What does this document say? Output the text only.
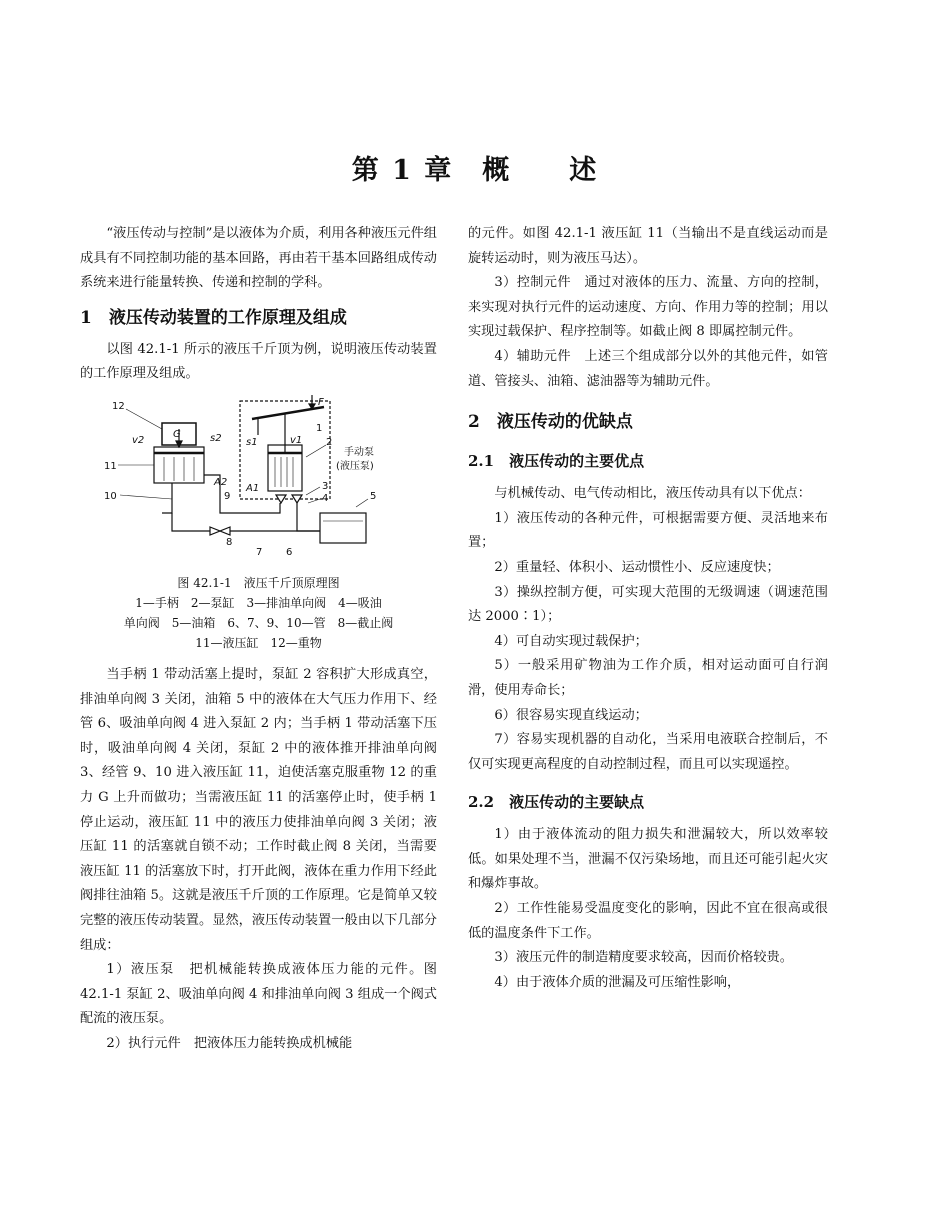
第 1 章　概　　述

“液压传动与控制”是以液体为介质，利用各种液压元件组成具有不同控制功能的基本回路，再由若干基本回路组成传动系统来进行能量转换、传递和控制的学科。

1　液压传动装置的工作原理及组成

以图 42.1-1 所示的液压千斤顶为例，说明液压传动装置的工作原理及组成。

12
G
v2	s2
11
A2
10	9
8
7 6
5
4
3
2
1
F
s1	v1
A1
手动泵
(液压泵)
图 42.1-1　液压千斤顶原理图
1—手柄　2—泵缸　3—排油单向阀　4—吸油
单向阀　5—油箱　6、7、9、10—管　8—截止阀
11—液压缸　12—重物

当手柄 1 带动活塞上提时，泵缸 2 容积扩大形成真空，排油单向阀 3 关闭，油箱 5 中的液体在大气压力作用下、经管 6、吸油单向阀 4 进入泵缸 2 内；当手柄 1 带动活塞下压时，吸油单向阀 4 关闭，泵缸 2 中的液体推开排油单向阀 3、经管 9、10 进入液压缸 11，迫使活塞克服重物 12 的重力 G 上升而做功；当需液压缸 11 的活塞停止时，使手柄 1 停止运动，液压缸 11 中的液压力使排油单向阀 3 关闭；液压缸 11 的活塞就自锁不动；工作时截止阀 8 关闭，当需要液压缸 11 的活塞放下时，打开此阀，液体在重力作用下经此阀排往油箱 5。这就是液压千斤顶的工作原理。它是简单又较完整的液压传动装置。显然，液压传动装置一般由以下几部分组成：

1）液压泵　把机械能转换成液体压力能的元件。图 42.1-1 泵缸 2、吸油单向阀 4 和排油单向阀 3 组成一个阀式配流的液压泵。

2）执行元件　把液体压力能转换成机械能

的元件。如图 42.1-1 液压缸 11（当输出不是直线运动而是旋转运动时，则为液压马达）。

3）控制元件　通过对液体的压力、流量、方向的控制，来实现对执行元件的运动速度、方向、作用力等的控制；用以实现过载保护、程序控制等。如截止阀 8 即属控制元件。

4）辅助元件　上述三个组成部分以外的其他元件，如管道、管接头、油箱、滤油器等为辅助元件。

2　液压传动的优缺点
2.1　液压传动的主要优点

与机械传动、电气传动相比，液压传动具有以下优点：

1）液压传动的各种元件，可根据需要方便、灵活地来布置；

2）重量轻、体积小、运动惯性小、反应速度快；

3）操纵控制方便，可实现大范围的无级调速（调速范围达 2000∶1）；

4）可自动实现过载保护；

5）一般采用矿物油为工作介质，相对运动面可自行润滑，使用寿命长；

6）很容易实现直线运动；

7）容易实现机器的自动化，当采用电液联合控制后，不仅可实现更高程度的自动控制过程，而且可以实现遥控。

2.2　液压传动的主要缺点

1）由于液体流动的阻力损失和泄漏较大，所以效率较低。如果处理不当，泄漏不仅污染场地，而且还可能引起火灾和爆炸事故。

2）工作性能易受温度变化的影响，因此不宜在很高或很低的温度条件下工作。

3）液压元件的制造精度要求较高，因而价格较贵。

4）由于液体介质的泄漏及可压缩性影响，
